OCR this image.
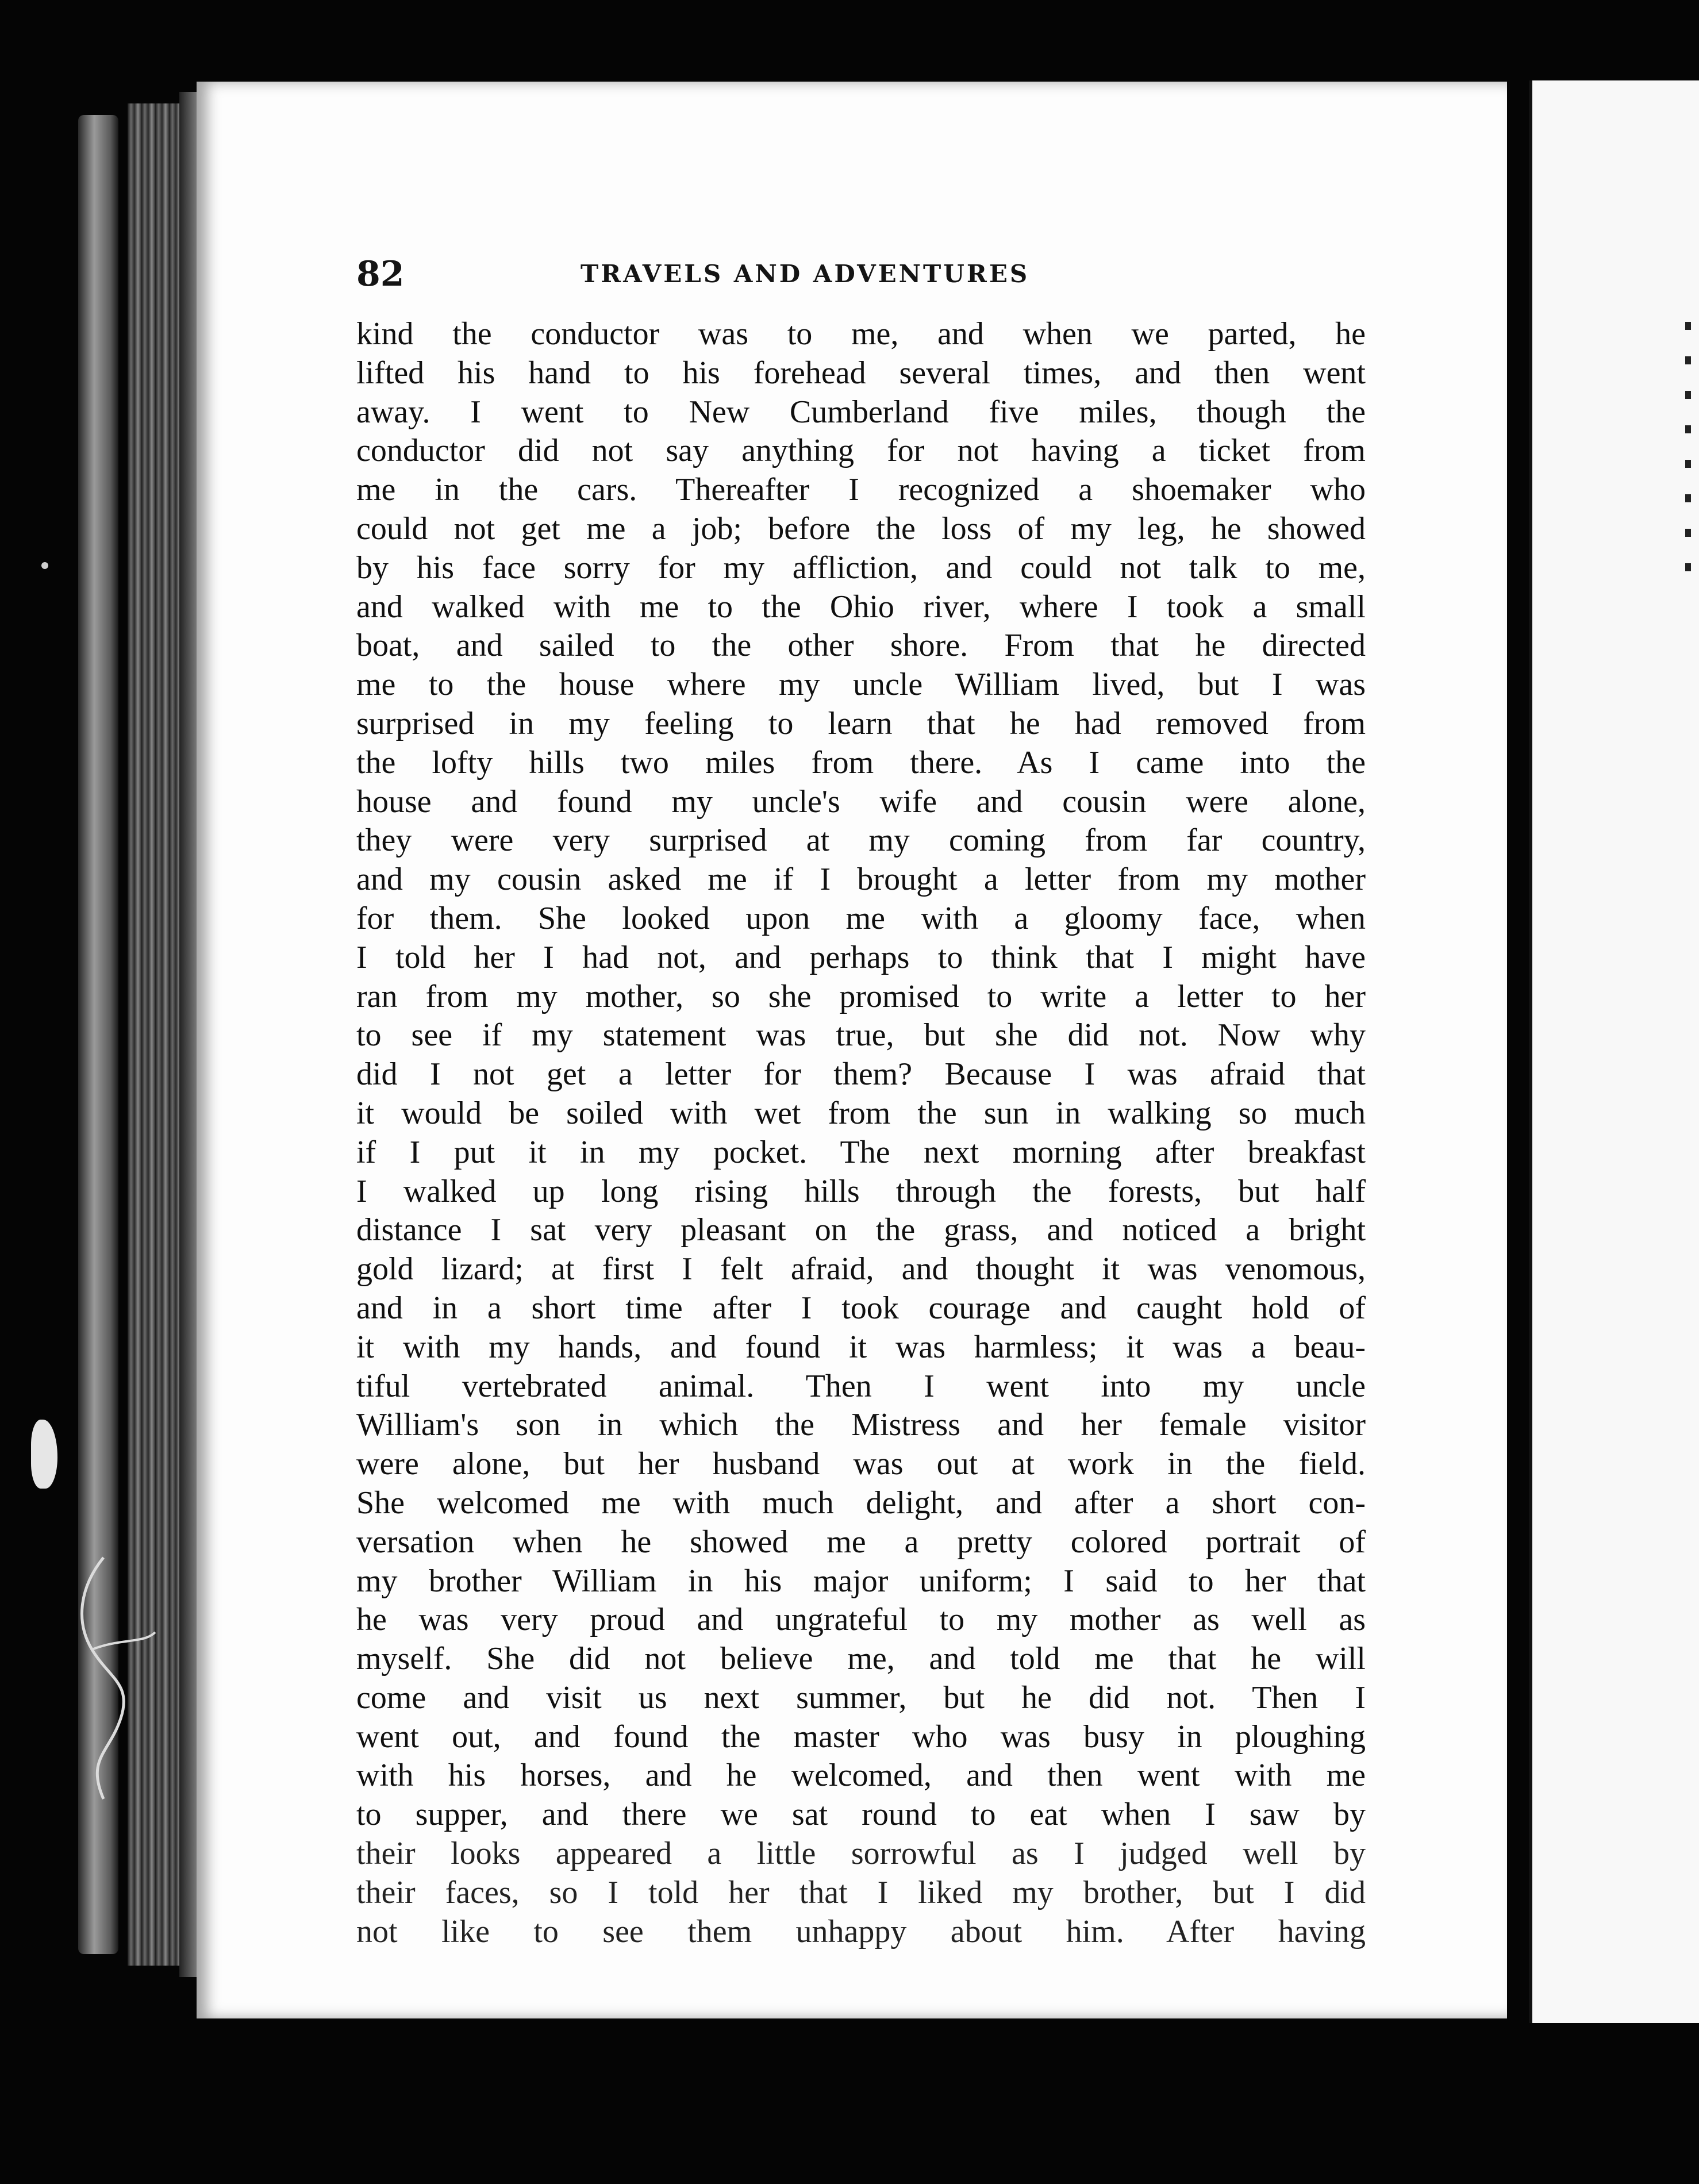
82	TRAVELS AND ADVENTURES
kind the conductor was to me, and when we parted, he
lifted his hand to his forehead several times, and then went
away. I went to New Cumberland five miles, though the
conductor did not say anything for not having a ticket from
me in the cars. Thereafter I recognized a shoemaker who
could not get me a job; before the loss of my leg, he showed
by his face sorry for my affliction, and could not talk to me,
and walked with me to the Ohio river, where I took a small
boat, and sailed to the other shore. From that he directed
me to the house where my uncle William lived, but I was
surprised in my feeling to learn that he had removed from
the lofty hills two miles from there. As I came into the
house and found my uncle's wife and cousin were alone,
they were very surprised at my coming from far country,
and my cousin asked me if I brought a letter from my mother
for them. She looked upon me with a gloomy face, when
I told her I had not, and perhaps to think that I might have
ran from my mother, so she promised to write a letter to her
to see if my statement was true, but she did not. Now why
did I not get a letter for them? Because I was afraid that
it would be soiled with wet from the sun in walking so much
if I put it in my pocket. The next morning after breakfast
I walked up long rising hills through the forests, but half
distance I sat very pleasant on the grass, and noticed a bright
gold lizard; at first I felt afraid, and thought it was venomous,
and in a short time after I took courage and caught hold of
it with my hands, and found it was harmless; it was a beau-
tiful vertebrated animal. Then I went into my uncle
William's son in which the Mistress and her female visitor
were alone, but her husband was out at work in the field.
She welcomed me with much delight, and after a short con-
versation when he showed me a pretty colored portrait of
my brother William in his major uniform; I said to her that
he was very proud and ungrateful to my mother as well as
myself. She did not believe me, and told me that he will
come and visit us next summer, but he did not. Then I
went out, and found the master who was busy in ploughing
with his horses, and he welcomed, and then went with me
to supper, and there we sat round to eat when I saw by
their looks appeared a little sorrowful as I judged well by
their faces, so I told her that I liked my brother, but I did
not like to see them unhappy about him. After having
